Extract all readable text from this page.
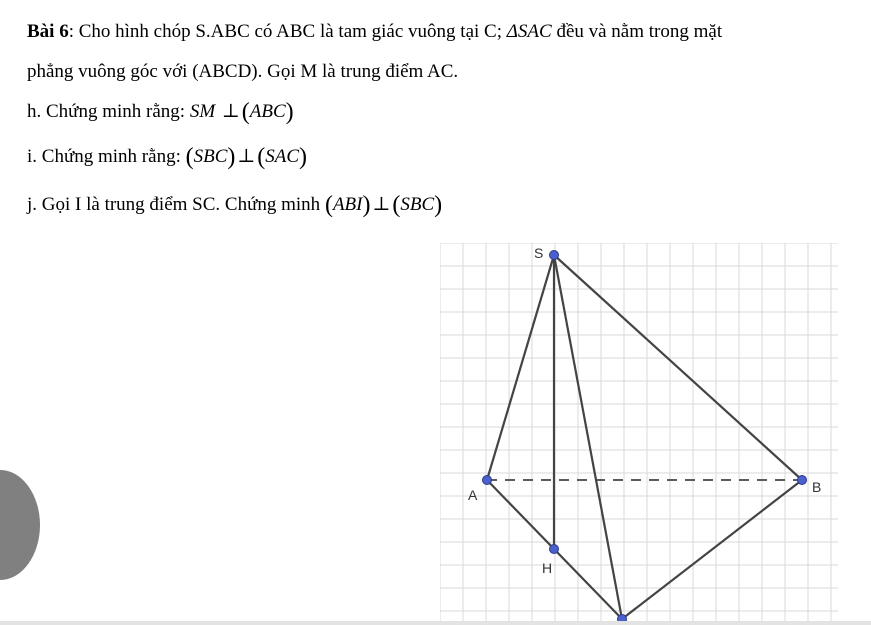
Bài 6: Cho hình chóp S.ABC có ABC là tam giác vuông tại C; ΔSAC đều và nằm trong mặt
phẳng vuông góc với (ABCD). Gọi M là trung điểm AC.
h. Chứng minh rằng: SM ⊥(ABC)
i. Chứng minh rằng: (SBC) ⊥(SAC)
j. Gọi I là trung điểm SC. Chứng minh (ABI) ⊥(SBC)
S
A	B
H
